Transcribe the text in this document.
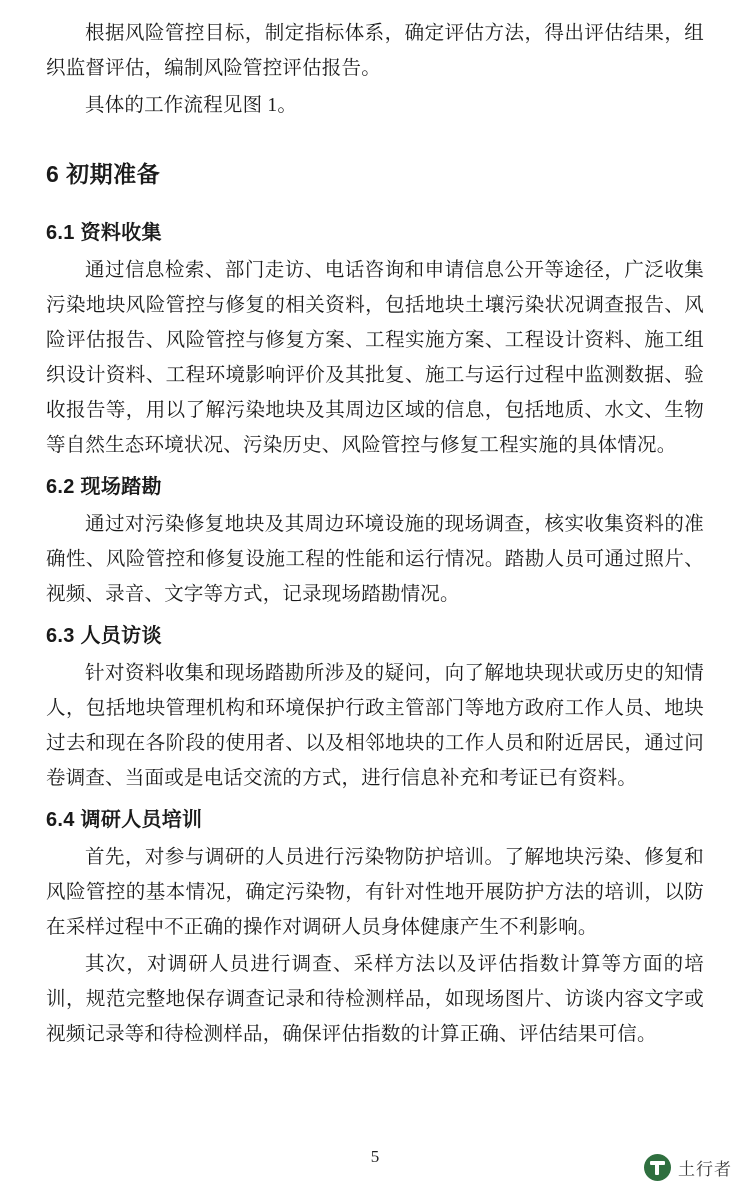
根据风险管控目标，制定指标体系，确定评估方法，得出评估结果，组织监督评估，编制风险管控评估报告。

具体的工作流程见图 1。

6 初期准备
6.1 资料收集

通过信息检索、部门走访、电话咨询和申请信息公开等途径，广泛收集污染地块风险管控与修复的相关资料，包括地块土壤污染状况调查报告、风险评估报告、风险管控与修复方案、工程实施方案、工程设计资料、施工组织设计资料、工程环境影响评价及其批复、施工与运行过程中监测数据、验收报告等，用以了解污染地块及其周边区域的信息，包括地质、水文、生物等自然生态环境状况、污染历史、风险管控与修复工程实施的具体情况。

6.2 现场踏勘

通过对污染修复地块及其周边环境设施的现场调查，核实收集资料的准确性、风险管控和修复设施工程的性能和运行情况。踏勘人员可通过照片、视频、录音、文字等方式，记录现场踏勘情况。

6.3 人员访谈

针对资料收集和现场踏勘所涉及的疑问，向了解地块现状或历史的知情人，包括地块管理机构和环境保护行政主管部门等地方政府工作人员、地块过去和现在各阶段的使用者、以及相邻地块的工作人员和附近居民，通过问卷调查、当面或是电话交流的方式，进行信息补充和考证已有资料。

6.4 调研人员培训

首先，对参与调研的人员进行污染物防护培训。了解地块污染、修复和风险管控的基本情况，确定污染物，有针对性地开展防护方法的培训，以防在采样过程中不正确的操作对调研人员身体健康产生不利影响。

其次，对调研人员进行调查、采样方法以及评估指数计算等方面的培训，规范完整地保存调查记录和待检测样品，如现场图片、访谈内容文字或视频记录等和待检测样品，确保评估指数的计算正确、评估结果可信。

5
土行者
